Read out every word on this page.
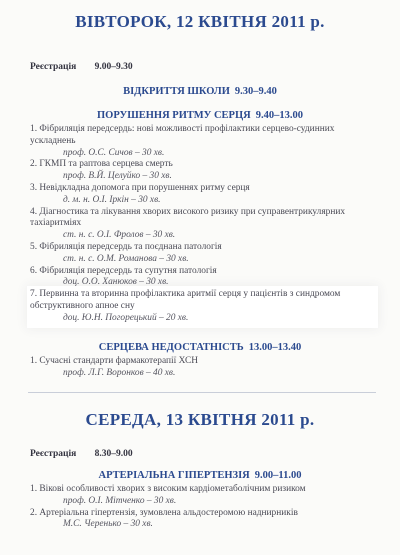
ВІВТОРОК, 12 КВІТНЯ 2011 р.
Реєстрація 9.00–9.30
ВІДКРИТТЯ ШКОЛИ 9.30–9.40
ПОРУШЕННЯ РИТМУ СЕРЦЯ 9.40–13.00

1. Фібриляція передсердь: нові можливості профілактики серцево-судинних ускладнень

проф. О.С. Сичов – 30 хв.

2. ГКМП та раптова серцева смерть

проф. В.Й. Целуйко – 30 хв.

3. Невідкладна допомога при порушеннях ритму серця

д. м. н. О.І. Іркін – 30 хв.

4. Діагностика та лікування хворих високого ризику при суправентрикулярних тахіаритміях

ст. н. с. О.І. Фролов – 30 хв.

5. Фібриляція передсердь та поєднана патологія

ст. н. с. О.М. Романова – 30 хв.

6. Фібриляція передсердь та супутня патологія

доц. О.О. Ханюков – 30 хв.

7. Первинна та вторинна профілактика аритмії серця у пацієнтів з синдромом обструктивного апное сну

доц. Ю.Н. Погорецький – 20 хв.

СЕРЦЕВА НЕДОСТАТНІСТЬ 13.00–13.40

1. Сучасні стандарти фармакотерапії ХСН

проф. Л.Г. Воронков – 40 хв.

СЕРЕДА, 13 КВІТНЯ 2011 р.
Реєстрація 8.30–9.00
АРТЕРІАЛЬНА ГІПЕРТЕНЗІЯ 9.00–11.00

1. Вікові особливості хворих з високим кардіометаболічним ризиком

проф. О.І. Мітченко – 30 хв.

2. Артеріальна гіпертензія, зумовлена альдостеромою наднирників

М.С. Черенько – 30 хв.
